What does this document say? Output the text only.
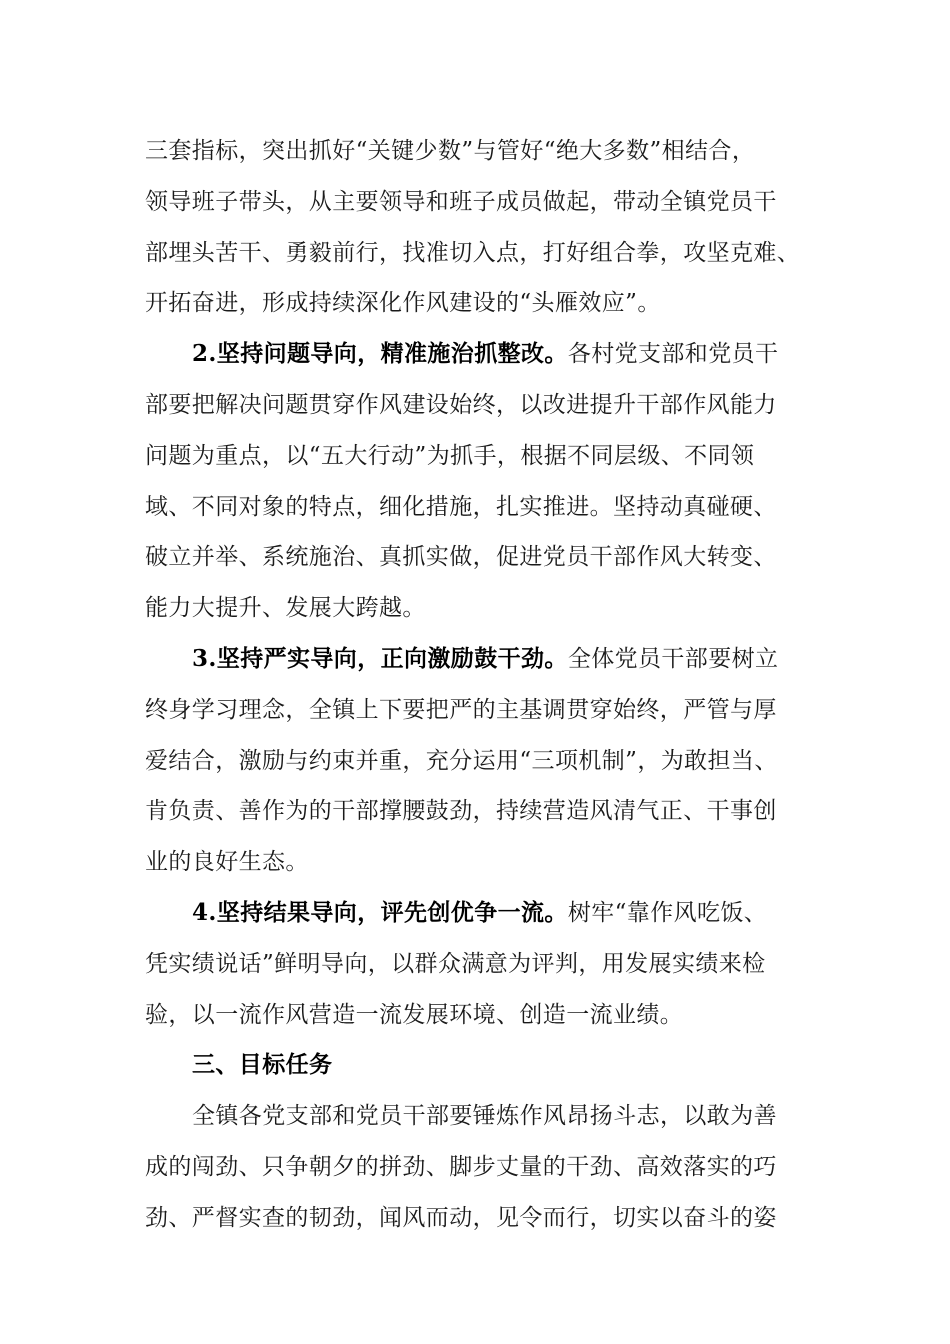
三套指标，突出抓好“关键少数”与管好“绝大多数”相结合，
领导班子带头，从主要领导和班子成员做起，带动全镇党员干
部埋头苦干、勇毅前行，找准切入点，打好组合拳，攻坚克难、
开拓奋进，形成持续深化作风建设的“头雁效应”。
2.坚持问题导向，精准施治抓整改。各村党支部和党员干
部要把解决问题贯穿作风建设始终，以改进提升干部作风能力
问题为重点，以“五大行动”为抓手，根据不同层级、不同领
域、不同对象的特点，细化措施，扎实推进。坚持动真碰硬、
破立并举、系统施治、真抓实做，促进党员干部作风大转变、
能力大提升、发展大跨越。
3.坚持严实导向，正向激励鼓干劲。全体党员干部要树立
终身学习理念，全镇上下要把严的主基调贯穿始终，严管与厚
爱结合，激励与约束并重，充分运用“三项机制”，为敢担当、
肯负责、善作为的干部撑腰鼓劲，持续营造风清气正、干事创
业的良好生态。
4.坚持结果导向，评先创优争一流。树牢“靠作风吃饭、
凭实绩说话”鲜明导向，以群众满意为评判，用发展实绩来检
验，以一流作风营造一流发展环境、创造一流业绩。
三、目标任务
全镇各党支部和党员干部要锤炼作风昂扬斗志，以敢为善
成的闯劲、只争朝夕的拼劲、脚步丈量的干劲、高效落实的巧
劲、严督实查的韧劲，闻风而动，见令而行，切实以奋斗的姿
